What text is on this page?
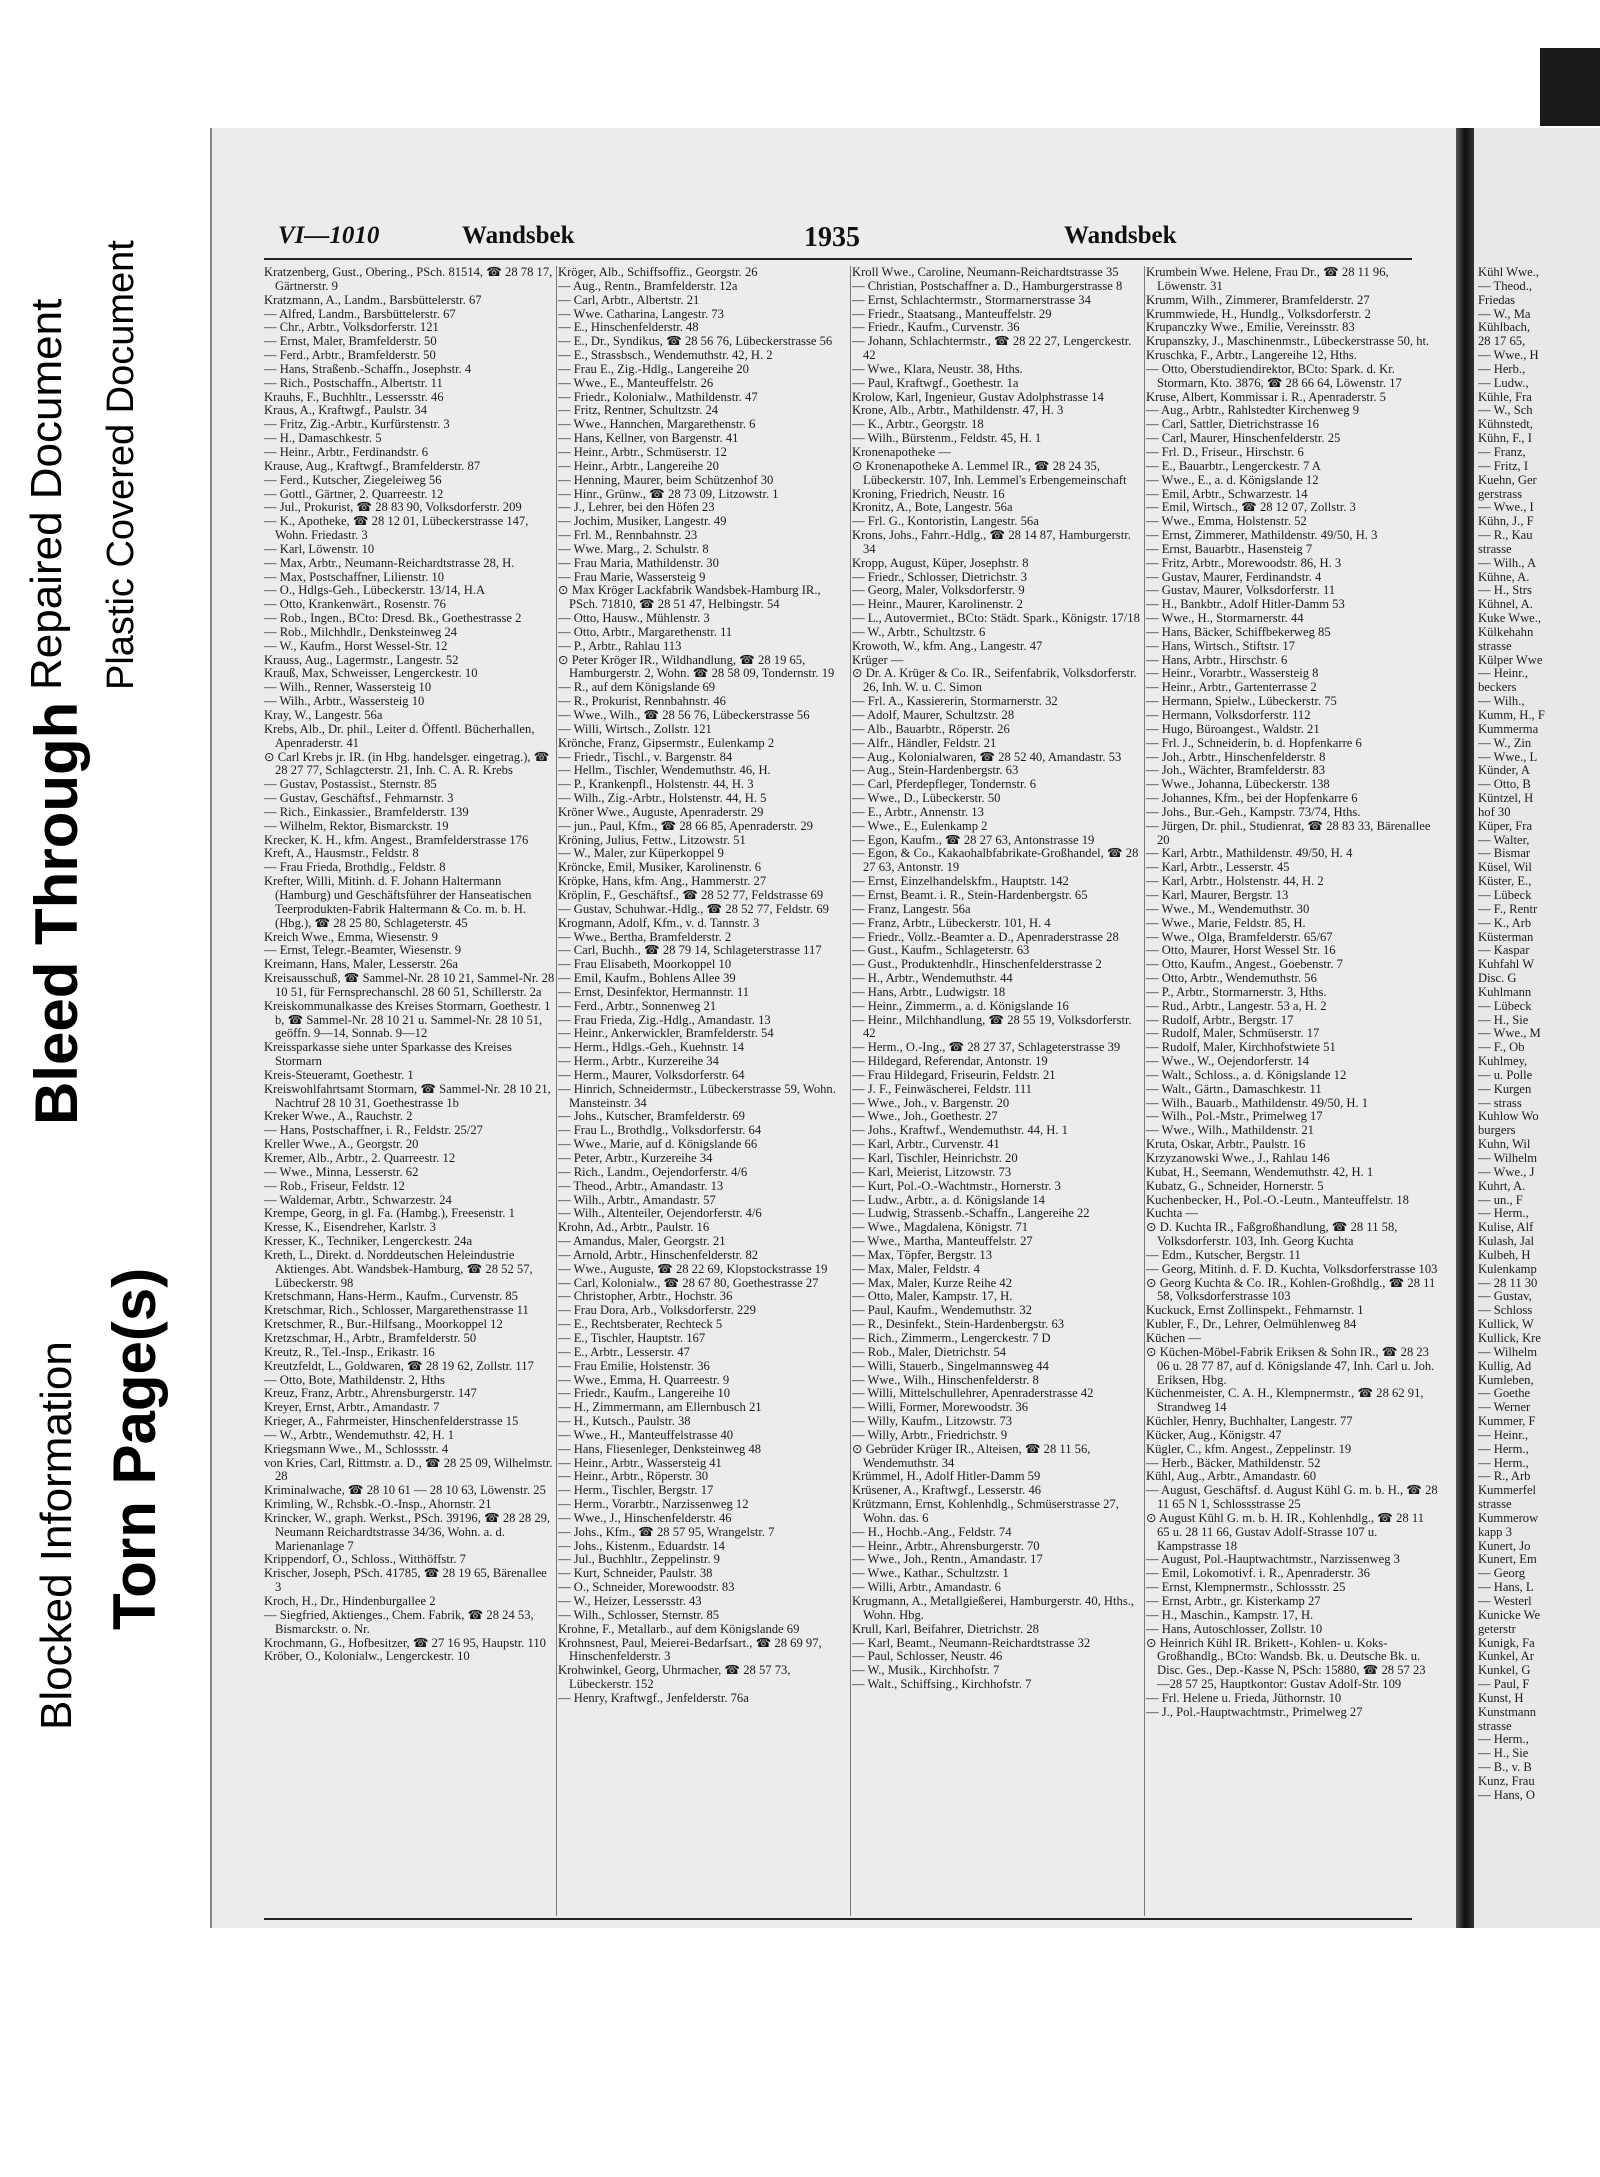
Blocked Information
Bleed Through
Repaired Document
Torn Page(s)
Plastic Covered Document
VI—1010	Wandsbek	1935	Wandsbek
Kratzenberg, Gust., Obering., PSch. 81514, ☎ 28 78 17, Gärtnerstr. 9
Kratzmann, A., Landm., Barsbüttelerstr. 67
— Alfred, Landm., Barsbüttelerstr. 67
— Chr., Arbtr., Volksdorferstr. 121
— Ernst, Maler, Bramfelderstr. 50
— Ferd., Arbtr., Bramfelderstr. 50
— Hans, Straßenb.-Schaffn., Josephstr. 4
— Rich., Postschaffn., Albertstr. 11
Krauhs, F., Buchhltr., Lessersstr. 46
Kraus, A., Kraftwgf., Paulstr. 34
— Fritz, Zig.-Arbtr., Kurfürstenstr. 3
— H., Damaschkestr. 5
— Heinr., Arbtr., Ferdinandstr. 6
Krause, Aug., Kraftwgf., Bramfelderstr. 87
— Ferd., Kutscher, Ziegeleiweg 56
— Gottl., Gärtner, 2. Quarreestr. 12
— Jul., Prokurist, ☎ 28 83 90, Volksdorferstr. 209
— K., Apotheke, ☎ 28 12 01, Lübeckerstrasse 147, Wohn. Friedastr. 3
— Karl, Löwenstr. 10
— Max, Arbtr., Neumann-Reichardtstrasse 28, H.
— Max, Postschaffner, Lilienstr. 10
— O., Hdlgs-Geh., Lübeckerstr. 13/14, H.A
— Otto, Krankenwärt., Rosenstr. 76
— Rob., Ingen., BCto: Dresd. Bk., Goethestrasse 2
— Rob., Milchhdlr., Denksteinweg 24
— W., Kaufm., Horst Wessel-Str. 12
Krauss, Aug., Lagermstr., Langestr. 52
Krauß, Max, Schweisser, Lengerckestr. 10
— Wilh., Renner, Wassersteig 10
— Wilh., Arbtr., Wassersteig 10
Kray, W., Langestr. 56a
Krebs, Alb., Dr. phil., Leiter d. Öffentl. Bücherhallen, Apenraderstr. 41
⊙ Carl Krebs jr. IR. (in Hbg. handelsger. eingetrag.), ☎ 28 27 77, Schlagcterstr. 21, Inh. C. A. R. Krebs
— Gustav, Postassist., Sternstr. 85
— Gustav, Geschäftsf., Fehmarnstr. 3
— Rich., Einkassier., Bramfelderstr. 139
— Wilhelm, Rektor, Bismarckstr. 19
Krecker, K. H., kfm. Angest., Bramfelderstrasse 176
Kreft, A., Hausmstr., Feldstr. 8
— Frau Frieda, Brothdlg., Feldstr. 8
Krefter, Willi, Mitinh. d. F. Johann Haltermann (Hamburg) und Geschäftsführer der Hanseatischen Teerprodukten-Fabrik Haltermann & Co. m. b. H. (Hbg.), ☎ 28 25 80, Schlageterstr. 45
Kreich Wwe., Emma, Wiesenstr. 9
— Ernst, Telegr.-Beamter, Wiesenstr. 9
Kreimann, Hans, Maler, Lesserstr. 26a
Kreisausschuß, ☎ Sammel-Nr. 28 10 21, Sammel-Nr. 28 10 51, für Fernsprechanschl. 28 60 51, Schillerstr. 2a
Kreiskommunalkasse des Kreises Stormarn, Goethestr. 1 b, ☎ Sammel-Nr. 28 10 21 u. Sammel-Nr. 28 10 51, geöffn. 9—14, Sonnab. 9—12
Kreissparkasse siehe unter Sparkasse des Kreises Stormarn
Kreis-Steueramt, Goethestr. 1
Kreiswohlfahrtsamt Stormarn, ☎ Sammel-Nr. 28 10 21, Nachtruf 28 10 31, Goethestrasse 1b
Kreker Wwe., A., Rauchstr. 2
— Hans, Postschaffner, i. R., Feldstr. 25/27
Kreller Wwe., A., Georgstr. 20
Kremer, Alb., Arbtr., 2. Quarreestr. 12
— Wwe., Minna, Lesserstr. 62
— Rob., Friseur, Feldstr. 12
— Waldemar, Arbtr., Schwarzestr. 24
Krempe, Georg, in gl. Fa. (Hambg.), Freesenstr. 1
Kresse, K., Eisendreher, Karlstr. 3
Kresser, K., Techniker, Lengerckestr. 24a
Kreth, L., Direkt. d. Norddeutschen Heleindustrie Aktienges. Abt. Wandsbek-Hamburg, ☎ 28 52 57, Lübeckerstr. 98
Kretschmann, Hans-Herm., Kaufm., Curvenstr. 85
Kretschmar, Rich., Schlosser, Margarethenstrasse 11
Kretschmer, R., Bur.-Hilfsang., Moorkoppel 12
Kretzschmar, H., Arbtr., Bramfelderstr. 50
Kreutz, R., Tel.-Insp., Erikastr. 16
Kreutzfeldt, L., Goldwaren, ☎ 28 19 62, Zollstr. 117
— Otto, Bote, Mathildenstr. 2, Hths
Kreuz, Franz, Arbtr., Ahrensburgerstr. 147
Kreyer, Ernst, Arbtr., Amandastr. 7
Krieger, A., Fahrmeister, Hinschenfelderstrasse 15
— W., Arbtr., Wendemuthstr. 42, H. 1
Kriegsmann Wwe., M., Schlossstr. 4
von Kries, Carl, Rittmstr. a. D., ☎ 28 25 09, Wilhelmstr. 28
Kriminalwache, ☎ 28 10 61 — 28 10 63, Löwenstr. 25
Krimling, W., Rchsbk.-O.-Insp., Ahornstr. 21
Krincker, W., graph. Werkst., PSch. 39196, ☎ 28 28 29, Neumann Reichardtstrasse 34/36, Wohn. a. d. Marienanlage 7
Krippendorf, O., Schloss., Witthöffstr. 7
Krischer, Joseph, PSch. 41785, ☎ 28 19 65, Bärenallee 3
Kroch, H., Dr., Hindenburgallee 2
— Siegfried, Aktienges., Chem. Fabrik, ☎ 28 24 53, Bismarckstr. o. Nr.
Krochmann, G., Hofbesitzer, ☎ 27 16 95, Haupstr. 110
Kröber, O., Kolonialw., Lengerckestr. 10
Kröger, Alb., Schiffsoffiz., Georgstr. 26
— Aug., Rentn., Bramfelderstr. 12a
— Carl, Arbtr., Albertstr. 21
— Wwe. Catharina, Langestr. 73
— E., Hinschenfelderstr. 48
— E., Dr., Syndikus, ☎ 28 56 76, Lübeckerstrasse 56
— E., Strassbsch., Wendemuthstr. 42, H. 2
— Frau E., Zig.-Hdlg., Langereihe 20
— Wwe., E., Manteuffelstr. 26
— Friedr., Kolonialw., Mathildenstr. 47
— Fritz, Rentner, Schultzstr. 24
— Wwe., Hannchen, Margarethenstr. 6
— Hans, Kellner, von Bargenstr. 41
— Heinr., Arbtr., Schmüserstr. 12
— Heinr., Arbtr., Langereihe 20
— Henning, Maurer, beim Schützenhof 30
— Hinr., Grünw., ☎ 28 73 09, Litzowstr. 1
— J., Lehrer, bei den Höfen 23
— Jochim, Musiker, Langestr. 49
— Frl. M., Rennbahnstr. 23
— Wwe. Marg., 2. Schulstr. 8
— Frau Maria, Mathildenstr. 30
— Frau Marie, Wassersteig 9
⊙ Max Kröger Lackfabrik Wandsbek-Hamburg IR., PSch. 71810, ☎ 28 51 47, Helbingstr. 54
— Otto, Hausw., Mühlenstr. 3
— Otto, Arbtr., Margarethenstr. 11
— P., Arbtr., Rahlau 113
⊙ Peter Kröger IR., Wildhandlung, ☎ 28 19 65, Hamburgerstr. 2, Wohn. ☎ 28 58 09, Tondernstr. 19
— R., auf dem Königslande 69
— R., Prokurist, Rennbahnstr. 46
— Wwe., Wilh., ☎ 28 56 76, Lübeckerstrasse 56
— Willi, Wirtsch., Zollstr. 121
Krönche, Franz, Gipsermstr., Eulenkamp 2
— Friedr., Tischl., v. Bargenstr. 84
— Hellm., Tischler, Wendemuthstr. 46, H.
— P., Krankenpfl., Holstenstr. 44, H. 3
— Wilh., Zig.-Arbtr., Holstenstr. 44, H. 5
Kröner Wwe., Auguste, Apenraderstr. 29
— jun., Paul, Kfm., ☎ 28 66 85, Apenraderstr. 29
Kröning, Julius, Fettw., Litzowstr. 51
— W., Maler, zur Küperkoppel 9
Kröncke, Emil, Musiker, Karolinenstr. 6
Kröpke, Hans, kfm. Ang., Hammerstr. 27
Kröplin, F., Geschäftsf., ☎ 28 52 77, Feldstrasse 69
— Gustav, Schuhwar.-Hdlg., ☎ 28 52 77, Feldstr. 69
Krogmann, Adolf, Kfm., v. d. Tannstr. 3
— Wwe., Bertha, Bramfelderstr. 2
— Carl, Buchh., ☎ 28 79 14, Schlageterstrasse 117
— Frau Elisabeth, Moorkoppel 10
— Emil, Kaufm., Bohlens Allee 39
— Ernst, Desinfektor, Hermannstr. 11
— Ferd., Arbtr., Sonnenweg 21
— Frau Frieda, Zig.-Hdlg., Amandastr. 13
— Heinr., Ankerwickler, Bramfelderstr. 54
— Herm., Hdlgs.-Geh., Kuehnstr. 14
— Herm., Arbtr., Kurzereihe 34
— Herm., Maurer, Volksdorferstr. 64
— Hinrich, Schneidermstr., Lübeckerstrasse 59, Wohn. Mansteinstr. 34
— Johs., Kutscher, Bramfelderstr. 69
— Frau L., Brothdlg., Volksdorferstr. 64
— Wwe., Marie, auf d. Königslande 66
— Peter, Arbtr., Kurzereihe 34
— Rich., Landm., Oejendorferstr. 4/6
— Theod., Arbtr., Amandastr. 13
— Wilh., Arbtr., Amandastr. 57
— Wilh., Altenteiler, Oejendorferstr. 4/6
Krohn, Ad., Arbtr., Paulstr. 16
— Amandus, Maler, Georgstr. 21
— Arnold, Arbtr., Hinschenfelderstr. 82
— Wwe., Auguste, ☎ 28 22 69, Klopstockstrasse 19
— Carl, Kolonialw., ☎ 28 67 80, Goethestrasse 27
— Christopher, Arbtr., Hochstr. 36
— Frau Dora, Arb., Volksdorferstr. 229
— E., Rechtsberater, Rechteck 5
— E., Tischler, Hauptstr. 167
— E., Arbtr., Lesserstr. 47
— Frau Emilie, Holstenstr. 36
— Wwe., Emma, H. Quarreestr. 9
— Friedr., Kaufm., Langereihe 10
— H., Zimmermann, am Ellernbusch 21
— H., Kutsch., Paulstr. 38
— Wwe., H., Manteuffelstrasse 40
— Hans, Fliesenleger, Denksteinweg 48
— Heinr., Arbtr., Wassersteig 41
— Heinr., Arbtr., Röperstr. 30
— Herm., Tischler, Bergstr. 17
— Herm., Vorarbtr., Narzissenweg 12
— Wwe., J., Hinschenfelderstr. 46
— Johs., Kfm., ☎ 28 57 95, Wrangelstr. 7
— Johs., Kistenm., Eduardstr. 14
— Jul., Buchhltr., Zeppelinstr. 9
— Kurt, Schneider, Paulstr. 38
— O., Schneider, Morewoodstr. 83
— W., Heizer, Lessersstr. 43
— Wilh., Schlosser, Sternstr. 85
Krohne, F., Metallarb., auf dem Königslande 69
Krohnsnest, Paul, Meierei-Bedarfsart., ☎ 28 69 97, Hinschenfelderstr. 3
Krohwinkel, Georg, Uhrmacher, ☎ 28 57 73, Lübeckerstr. 152
— Henry, Kraftwgf., Jenfelderstr. 76a
Kroll Wwe., Caroline, Neumann-Reichardtstrasse 35
— Christian, Postschaffner a. D., Hamburgerstrasse 8
— Ernst, Schlachtermstr., Stormarnerstrasse 34
— Friedr., Staatsang., Manteuffelstr. 29
— Friedr., Kaufm., Curvenstr. 36
— Johann, Schlachtermstr., ☎ 28 22 27, Lengerckestr. 42
— Wwe., Klara, Neustr. 38, Hths.
— Paul, Kraftwgf., Goethestr. 1a
Krolow, Karl, Ingenieur, Gustav Adolphstrasse 14
Krone, Alb., Arbtr., Mathildenstr. 47, H. 3
— K., Arbtr., Georgstr. 18
— Wilh., Bürstenm., Feldstr. 45, H. 1
Kronenapotheke —
⊙ Kronenapotheke A. Lemmel IR., ☎ 28 24 35, Lübeckerstr. 107, Inh. Lemmel's Erbengemeinschaft
Kroning, Friedrich, Neustr. 16
Kronitz, A., Bote, Langestr. 56a
— Frl. G., Kontoristin, Langestr. 56a
Krons, Johs., Fahrr.-Hdlg., ☎ 28 14 87, Hamburgerstr. 34
Kropp, August, Küper, Josephstr. 8
— Friedr., Schlosser, Dietrichstr. 3
— Georg, Maler, Volksdorferstr. 9
— Heinr., Maurer, Karolinenstr. 2
— L., Autovermiet., BCto: Städt. Spark., Königstr. 17/18
— W., Arbtr., Schultzstr. 6
Krowoth, W., kfm. Ang., Langestr. 47
Krüger —
⊙ Dr. A. Krüger & Co. IR., Seifenfabrik, Volksdorferstr. 26, Inh. W. u. C. Simon
— Frl. A., Kassiererin, Stormarnerstr. 32
— Adolf, Maurer, Schultzstr. 28
— Alb., Bauarbtr., Röperstr. 26
— Alfr., Händler, Feldstr. 21
— Aug., Kolonialwaren, ☎ 28 52 40, Amandastr. 53
— Aug., Stein-Hardenbergstr. 63
— Carl, Pferdepfleger, Tondernstr. 6
— Wwe., D., Lübeckerstr. 50
— E., Arbtr., Annenstr. 13
— Wwe., E., Eulenkamp 2
— Egon, Kaufm., ☎ 28 27 63, Antonstrasse 19
— Egon, & Co., Kakaohalbfabrikate-Großhandel, ☎ 28 27 63, Antonstr. 19
— Ernst, Einzelhandelskfm., Hauptstr. 142
— Ernst, Beamt. i. R., Stein-Hardenbergstr. 65
— Franz, Langestr. 56a
— Franz, Arbtr., Lübeckerstr. 101, H. 4
— Friedr., Vollz.-Beamter a. D., Apenraderstrasse 28
— Gust., Kaufm., Schlageterstr. 63
— Gust., Produktenhdlr., Hinschenfelderstrasse 2
— H., Arbtr., Wendemuthstr. 44
— Hans, Arbtr., Ludwigstr. 18
— Heinr., Zimmerm., a. d. Königslande 16
— Heinr., Milchhandlung, ☎ 28 55 19, Volksdorferstr. 42
— Herm., O.-Ing., ☎ 28 27 37, Schlageterstrasse 39
— Hildegard, Referendar, Antonstr. 19
— Frau Hildegard, Friseurin, Feldstr. 21
— J. F., Feinwäscherei, Feldstr. 111
— Wwe., Joh., v. Bargenstr. 20
— Wwe., Joh., Goethestr. 27
— Johs., Kraftwf., Wendemuthstr. 44, H. 1
— Karl, Arbtr., Curvenstr. 41
— Karl, Tischler, Heinrichstr. 20
— Karl, Meierist, Litzowstr. 73
— Kurt, Pol.-O.-Wachtmstr., Hornerstr. 3
— Ludw., Arbtr., a. d. Königslande 14
— Ludwig, Strassenb.-Schaffn., Langereihe 22
— Wwe., Magdalena, Königstr. 71
— Wwe., Martha, Manteuffelstr. 27
— Max, Töpfer, Bergstr. 13
— Max, Maler, Feldstr. 4
— Max, Maler, Kurze Reihe 42
— Otto, Maler, Kampstr. 17, H.
— Paul, Kaufm., Wendemuthstr. 32
— R., Desinfekt., Stein-Hardenbergstr. 63
— Rich., Zimmerm., Lengerckestr. 7 D
— Rob., Maler, Dietrichstr. 54
— Willi, Stauerb., Singelmannsweg 44
— Wwe., Wilh., Hinschenfelderstr. 8
— Willi, Mittelschullehrer, Apenraderstrasse 42
— Willi, Former, Morewoodstr. 36
— Willy, Kaufm., Litzowstr. 73
— Willy, Arbtr., Friedrichstr. 9
⊙ Gebrüder Krüger IR., Alteisen, ☎ 28 11 56, Wendemuthstr. 34
Krümmel, H., Adolf Hitler-Damm 59
Krüsener, A., Kraftwgf., Lesserstr. 46
Krützmann, Ernst, Kohlenhdlg., Schmüserstrasse 27, Wohn. das. 6
— H., Hochb.-Ang., Feldstr. 74
— Heinr., Arbtr., Ahrensburgerstr. 70
— Wwe., Joh., Rentn., Amandastr. 17
— Wwe., Kathar., Schultzstr. 1
— Willi, Arbtr., Amandastr. 6
Krugmann, A., Metallgießerei, Hamburgerstr. 40, Hths., Wohn. Hbg.
Krull, Karl, Beifahrer, Dietrichstr. 28
— Karl, Beamt., Neumann-Reichardtstrasse 32
— Paul, Schlosser, Neustr. 46
— W., Musik., Kirchhofstr. 7
— Walt., Schiffsing., Kirchhofstr. 7
Krumbein Wwe. Helene, Frau Dr., ☎ 28 11 96, Löwenstr. 31
Krumm, Wilh., Zimmerer, Bramfelderstr. 27
Krummwiede, H., Hundlg., Volksdorferstr. 2
Krupanczky Wwe., Emilie, Vereinsstr. 83
Krupanszky, J., Maschinenmstr., Lübeckerstrasse 50, ht.
Kruschka, F., Arbtr., Langereihe 12, Hths.
— Otto, Oberstudiendirektor, BCto: Spark. d. Kr. Stormarn, Kto. 3876, ☎ 28 66 64, Löwenstr. 17
Kruse, Albert, Kommissar i. R., Apenraderstr. 5
— Aug., Arbtr., Rahlstedter Kirchenweg 9
— Carl, Sattler, Dietrichstrasse 16
— Carl, Maurer, Hinschenfelderstr. 25
— Frl. D., Friseur., Hirschstr. 6
— E., Bauarbtr., Lengerckestr. 7 A
— Wwe., E., a. d. Königslande 12
— Emil, Arbtr., Schwarzestr. 14
— Emil, Wirtsch., ☎ 28 12 07, Zollstr. 3
— Wwe., Emma, Holstenstr. 52
— Ernst, Zimmerer, Mathildenstr. 49/50, H. 3
— Ernst, Bauarbtr., Hasensteig 7
— Fritz, Arbtr., Morewoodstr. 86, H. 3
— Gustav, Maurer, Ferdinandstr. 4
— Gustav, Maurer, Volksdorferstr. 11
— H., Bankbtr., Adolf Hitler-Damm 53
— Wwe., H., Stormarnerstr. 44
— Hans, Bäcker, Schiffbekerweg 85
— Hans, Wirtsch., Stiftstr. 17
— Hans, Arbtr., Hirschstr. 6
— Heinr., Vorarbtr., Wassersteig 8
— Heinr., Arbtr., Gartenterrasse 2
— Hermann, Spielw., Lübeckerstr. 75
— Hermann, Volksdorferstr. 112
— Hugo, Büroangest., Waldstr. 21
— Frl. J., Schneiderin, b. d. Hopfenkarre 6
— Joh., Arbtr., Hinschenfelderstr. 8
— Joh., Wächter, Bramfelderstr. 83
— Wwe., Johanna, Lübeckerstr. 138
— Johannes, Kfm., bei der Hopfenkarre 6
— Johs., Bur.-Geh., Kampstr. 73/74, Hths.
— Jürgen, Dr. phil., Studienrat, ☎ 28 83 33, Bärenallee 20
— Karl, Arbtr., Mathildenstr. 49/50, H. 4
— Karl, Arbtr., Lesserstr. 45
— Karl, Arbtr., Holstenstr. 44, H. 2
— Karl, Maurer, Bergstr. 13
— Wwe., M., Wendemuthstr. 30
— Wwe., Marie, Feldstr. 85, H.
— Wwe., Olga, Bramfelderstr. 65/67
— Otto, Maurer, Horst Wessel Str. 16
— Otto, Kaufm., Angest., Goebenstr. 7
— Otto, Arbtr., Wendemuthstr. 56
— P., Arbtr., Stormarnerstr. 3, Hths.
— Rud., Arbtr., Langestr. 53 a, H. 2
— Rudolf, Arbtr., Bergstr. 17
— Rudolf, Maler, Schmüserstr. 17
— Rudolf, Maler, Kirchhofstwiete 51
— Wwe., W., Oejendorferstr. 14
— Walt., Schloss., a. d. Königslande 12
— Walt., Gärtn., Damaschkestr. 11
— Wilh., Bauarb., Mathildenstr. 49/50, H. 1
— Wilh., Pol.-Mstr., Primelweg 17
— Wwe., Wilh., Mathildenstr. 21
Kruta, Oskar, Arbtr., Paulstr. 16
Krzyzanowski Wwe., J., Rahlau 146
Kubat, H., Seemann, Wendemuthstr. 42, H. 1
Kubatz, G., Schneider, Hornerstr. 5
Kuchenbecker, H., Pol.-O.-Leutn., Manteuffelstr. 18
Kuchta —
⊙ D. Kuchta IR., Faßgroßhandlung, ☎ 28 11 58, Volksdorferstr. 103, Inh. Georg Kuchta
— Edm., Kutscher, Bergstr. 11
— Georg, Mitinh. d. F. D. Kuchta, Volksdorferstrasse 103
⊙ Georg Kuchta & Co. IR., Kohlen-Großhdlg., ☎ 28 11 58, Volksdorferstrasse 103
Kuckuck, Ernst Zollinspekt., Fehmarnstr. 1
Kubler, F., Dr., Lehrer, Oelmühlenweg 84
Küchen —
⊙ Küchen-Möbel-Fabrik Eriksen & Sohn IR., ☎ 28 23 06 u. 28 77 87, auf d. Königslande 47, Inh. Carl u. Joh. Eriksen, Hbg.
Küchenmeister, C. A. H., Klempnermstr., ☎ 28 62 91, Strandweg 14
Küchler, Henry, Buchhalter, Langestr. 77
Kücker, Aug., Königstr. 47
Kügler, C., kfm. Angest., Zeppelinstr. 19
— Herb., Bäcker, Mathildenstr. 52
Kühl, Aug., Arbtr., Amandastr. 60
— August, Geschäftsf. d. August Kühl G. m. b. H., ☎ 28 11 65 N 1, Schlossstrasse 25
⊙ August Kühl G. m. b. H. IR., Kohlenhdlg., ☎ 28 11 65 u. 28 11 66, Gustav Adolf-Strasse 107 u. Kampstrasse 18
— August, Pol.-Hauptwachtmstr., Narzissenweg 3
— Emil, Lokomotivf. i. R., Apenraderstr. 36
— Ernst, Klempnermstr., Schlossstr. 25
— Ernst, Arbtr., gr. Kisterkamp 27
— H., Maschin., Kampstr. 17, H.
— Hans, Autoschlosser, Zollstr. 10
⊙ Heinrich Kühl IR. Brikett-, Kohlen- u. Koks-Großhandlg., BCto: Wandsb. Bk. u. Deutsche Bk. u. Disc. Ges., Dep.-Kasse N, PSch: 15880, ☎ 28 57 23—28 57 25, Hauptkontor: Gustav Adolf-Str. 109
— Frl. Helene u. Frieda, Jüthornstr. 10
— J., Pol.-Hauptwachtmstr., Primelweg 27
Kühl Wwe.,
— Theod.,
Friedas
— W., Ma
Kühlbach,
28 17 65,
— Wwe., H
— Herb.,
— Ludw.,
Kühle, Fra
— W., Sch
Kühnstedt,
Kühn, F., I
— Franz,
— Fritz, I
Kuehn, Ger
gerstrass
— Wwe., I
Kühn, J., F
— R., Kau
strasse
— Wilh., A
Kühne, A.
— H., Strs
Kühnel, A.
Kuke Wwe.,
Külkehahn
strasse
Külper Wwe
— Heinr.,
beckers
— Wilh.,
Kumm, H., F
Kummerma
— W., Zin
— Wwe., L
Künder, A
— Otto, B
Küntzel, H
hof 30
Küper, Fra
— Walter,
— Bismar
Küsel, Wil
Küster, E.,
— Lübeck
— F., Rentr
— K., Arb
Küsterman
— Kaspar
Kuhfahl W
Disc. G
Kuhlmann
— Lübeck
— H., Sie
— Wwe., M
— F., Ob
Kuhlmey,
— u. Polle
— Kurgen
— strass
Kuhlow Wo
burgers
Kuhn, Wil
— Wilhelm
— Wwe., J
Kuhrt, A.
— un., F
— Herm.,
Kulise, Alf
Kulash, Jal
Kulbeh, H
Kulenkamp
— 28 11 30
— Gustav,
— Schloss
Kullick, W
Kullick, Kre
— Wilhelm
Kullig, Ad
Kumleben,
— Goethe
— Werner
Kummer, F
— Heinr.,
— Herm.,
— Herm.,
— R., Arb
Kummerfel
strasse
Kummerow
kapp 3
Kunert, Jo
Kunert, Em
— Georg
— Hans, L
— Westerl
Kunicke We
geterstr
Kunigk, Fa
Kunkel, Ar
Kunkel, G
— Paul, F
Kunst, H
Kunstmann
strasse
— Herm.,
— H., Sie
— B., v. B
Kunz, Frau
— Hans, O
